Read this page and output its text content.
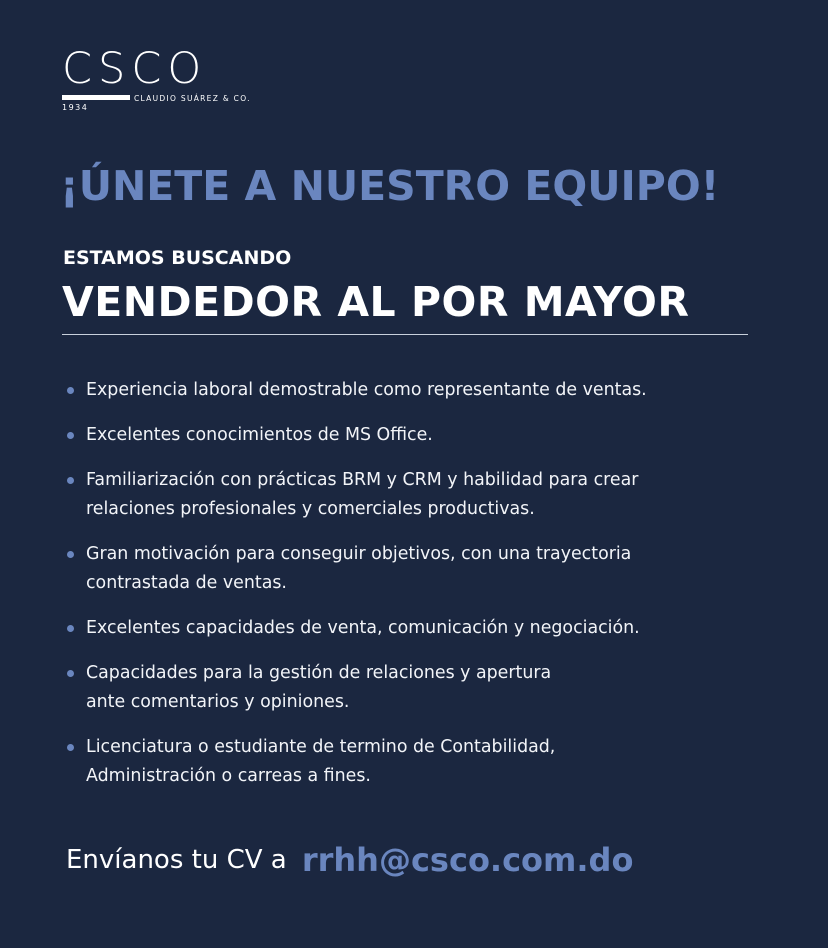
CSCO
1934
CLAUDIO SUÁREZ & CO.
¡ÚNETE A NUESTRO EQUIPO!
ESTAMOS BUSCANDO
VENDEDOR AL POR MAYOR
Experiencia laboral demostrable como representante de ventas.
Excelentes conocimientos de MS Office.
Familiarización con prácticas BRM y CRM y habilidad para crear
relaciones profesionales y comerciales productivas.
Gran motivación para conseguir objetivos, con una trayectoria
contrastada de ventas.
Excelentes capacidades de venta, comunicación y negociación.
Capacidades para la gestión de relaciones y apertura
ante comentarios y opiniones.
Licenciatura o estudiante de termino de Contabilidad,
Administración o carreas a fines.
Envíanos tu CV a rrhh@csco.com.do
